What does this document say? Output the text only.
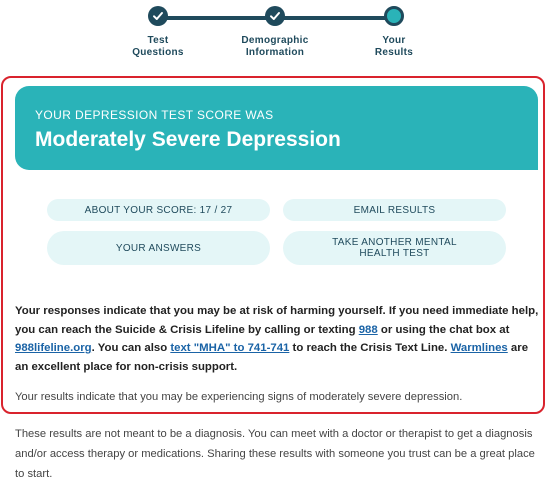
Test
Questions
Demographic
Information
Your
Results
YOUR DEPRESSION TEST SCORE WAS
Moderately Severe Depression
ABOUT YOUR SCORE: 17 / 27	EMAIL RESULTS
YOUR ANSWERS	TAKE ANOTHER MENTAL
HEALTH TEST
Your responses indicate that you may be at risk of harming yourself. If you need immediate help, you can reach the Suicide & Crisis Lifeline by calling or texting 988 or using the chat box at 988lifeline.org. You can also text "MHA" to 741-741 to reach the Crisis Text Line. Warmlines are an excellent place for non-crisis support.
Your results indicate that you may be experiencing signs of moderately severe depression.
These results are not meant to be a diagnosis. You can meet with a doctor or therapist to get a diagnosis and/or access therapy or medications. Sharing these results with someone you trust can be a great place to start.
